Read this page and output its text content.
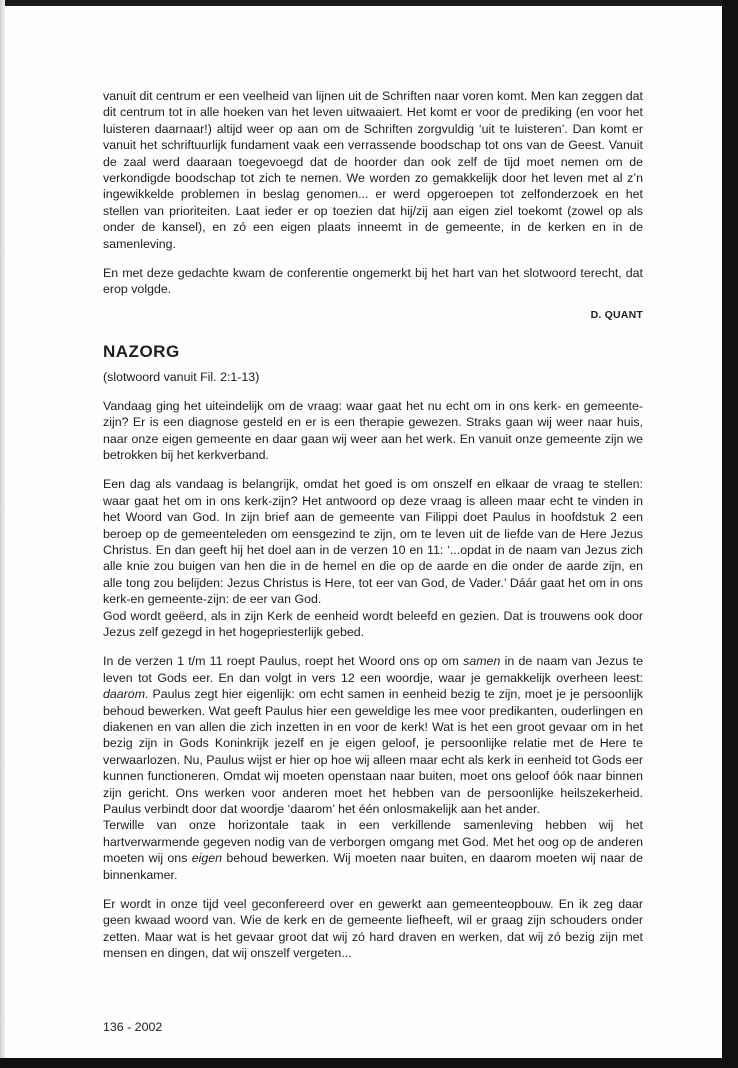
vanuit dit centrum er een veelheid van lijnen uit de Schriften naar voren komt. Men kan zeggen dat dit centrum tot in alle hoeken van het leven uitwaaiert. Het komt er voor de prediking (en voor het luisteren daarnaar!) altijd weer op aan om de Schriften zorgvuldig ‘uit te luisteren’. Dan komt er vanuit het schriftuurlijk fundament vaak een verrassende boodschap tot ons van de Geest. Vanuit de zaal werd daaraan toegevoegd dat de hoorder dan ook zelf de tijd moet nemen om de verkondigde boodschap tot zich te nemen. We worden zo gemakkelijk door het leven met al z’n ingewikkelde problemen in beslag genomen... er werd opgeroepen tot zelfonderzoek en het stellen van prioriteiten. Laat ieder er op toezien dat hij/zij aan eigen ziel toekomt (zowel op als onder de kansel), en zó een eigen plaats inneemt in de gemeente, in de kerken en in de samenleving.

En met deze gedachte kwam de conferentie ongemerkt bij het hart van het slotwoord terecht, dat erop volgde.

D. QUANT
NAZORG
(slotwoord vanuit Fil. 2:1-13)

Vandaag ging het uiteindelijk om de vraag: waar gaat het nu echt om in ons kerk- en gemeente-zijn? Er is een diagnose gesteld en er is een therapie gewezen. Straks gaan wij weer naar huis, naar onze eigen gemeente en daar gaan wij weer aan het werk. En vanuit onze gemeente zijn we betrokken bij het kerkverband.

Een dag als vandaag is belangrijk, omdat het goed is om onszelf en elkaar de vraag te stellen: waar gaat het om in ons kerk-zijn? Het antwoord op deze vraag is alleen maar echt te vinden in het Woord van God. In zijn brief aan de gemeente van Filippi doet Paulus in hoofdstuk 2 een beroep op de gemeenteleden om eensgezind te zijn, om te leven uit de liefde van de Here Jezus Christus. En dan geeft hij het doel aan in de verzen 10 en 11: ‘...opdat in de naam van Jezus zich alle knie zou buigen van hen die in de hemel en die op de aarde en die onder de aarde zijn, en alle tong zou belijden: Jezus Christus is Here, tot eer van God, de Vader.’ Dáár gaat het om in ons kerk-en gemeente-zijn: de eer van God.

God wordt geëerd, als in zijn Kerk de eenheid wordt beleefd en gezien. Dat is trouwens ook door Jezus zelf gezegd in het hogepriesterlijk gebed.

In de verzen 1 t/m 11 roept Paulus, roept het Woord ons op om samen in de naam van Jezus te leven tot Gods eer. En dan volgt in vers 12 een woordje, waar je gemakkelijk overheen leest: daarom. Paulus zegt hier eigenlijk: om echt samen in eenheid bezig te zijn, moet je je persoonlijk behoud bewerken. Wat geeft Paulus hier een geweldige les mee voor predikanten, ouderlingen en diakenen en van allen die zich inzetten in en voor de kerk! Wat is het een groot gevaar om in het bezig zijn in Gods Koninkrijk jezelf en je eigen geloof, je persoonlijke relatie met de Here te verwaarlozen. Nu, Paulus wijst er hier op hoe wij alleen maar echt als kerk in eenheid tot Gods eer kunnen functioneren. Omdat wij moeten openstaan naar buiten, moet ons geloof óók naar binnen zijn gericht. Ons werken voor anderen moet het hebben van de persoonlijke heilszekerheid. Paulus verbindt door dat woordje ‘daarom’ het één onlosmakelijk aan het ander.

Terwille van onze horizontale taak in een verkillende samenleving hebben wij het hartverwarmende gegeven nodig van de verborgen omgang met God. Met het oog op de anderen moeten wij ons eigen behoud bewerken. Wij moeten naar buiten, en daarom moeten wij naar de binnenkamer.

Er wordt in onze tijd veel geconfereerd over en gewerkt aan gemeenteopbouw. En ik zeg daar geen kwaad woord van. Wie de kerk en de gemeente liefheeft, wil er graag zijn schouders onder zetten. Maar wat is het gevaar groot dat wij zó hard draven en werken, dat wij zó bezig zijn met mensen en dingen, dat wij onszelf vergeten...

136 - 2002
